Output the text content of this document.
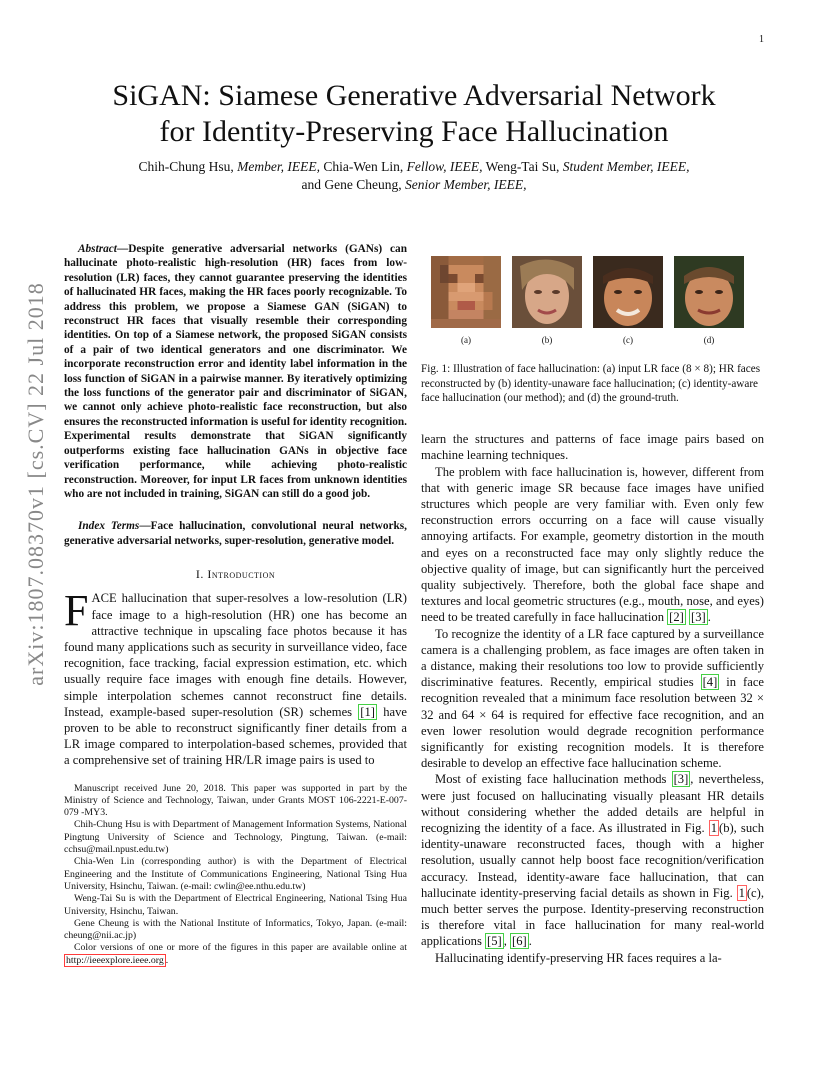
1
SiGAN: Siamese Generative Adversarial Network
for Identity-Preserving Face Hallucination
Chih-Chung Hsu, Member, IEEE, Chia-Wen Lin, Fellow, IEEE, Weng-Tai Su, Student Member, IEEE,
and Gene Cheung, Senior Member, IEEE,
arXiv:1807.08370v1 [cs.CV] 22 Jul 2018

Abstract—Despite generative adversarial networks (GANs) can hallucinate photo-realistic high-resolution (HR) faces from low-resolution (LR) faces, they cannot guarantee preserving the identities of hallucinated HR faces, making the HR faces poorly recognizable. To address this problem, we propose a Siamese GAN (SiGAN) to reconstruct HR faces that visually resemble their corresponding identities. On top of a Siamese network, the proposed SiGAN consists of a pair of two identical generators and one discriminator. We incorporate reconstruction error and identity label information in the loss function of SiGAN in a pairwise manner. By iteratively optimizing the loss functions of the generator pair and discriminator of SiGAN, we cannot only achieve photo-realistic face reconstruction, but also ensures the reconstructed information is useful for identity recognition. Experimental results demonstrate that SiGAN significantly outperforms existing face hallucination GANs in objective face verification performance, while achieving photo-realistic reconstruction. Moreover, for input LR faces from unknown identities who are not included in training, SiGAN can still do a good job.

Index Terms—Face hallucination, convolutional neural networks, generative adversarial networks, super-resolution, generative model.

I. Introduction

FACE hallucination that super-resolves a low-resolution (LR) face image to a high-resolution (HR) one has become an attractive technique in upscaling face photos because it has found many applications such as security in surveillance video, face recognition, face tracking, facial expression estimation, etc. which usually require face images with enough fine details. However, simple interpolation schemes cannot reconstruct fine details. Instead, example-based super-resolution (SR) schemes [1] have proven to be able to reconstruct significantly finer details from a LR image compared to interpolation-based schemes, provided that a comprehensive set of training HR/LR image pairs is used to

Manuscript received June 20, 2018. This paper was supported in part by the Ministry of Science and Technology, Taiwan, under Grants MOST 106-2221-E-007-079 -MY3.

Chih-Chung Hsu is with Department of Management Information Systems, National Pingtung University of Science and Technology, Pingtung, Taiwan. (e-mail: cchsu@mail.npust.edu.tw)

Chia-Wen Lin (corresponding author) is with the Department of Electrical Engineering and the Institute of Communications Engineering, National Tsing Hua University, Hsinchu, Taiwan. (e-mail: cwlin@ee.nthu.edu.tw)

Weng-Tai Su is with the Department of Electrical Engineering, National Tsing Hua University, Hsinchu, Taiwan.

Gene Cheung is with the National Institute of Informatics, Tokyo, Japan. (e-mail: cheung@nii.ac.jp)

Color versions of one or more of the figures in this paper are available online at http://ieeexplore.ieee.org .

(a)	(b)	(c)	(d)

Fig. 1: Illustration of face hallucination: (a) input LR face (8 × 8); HR faces reconstructed by (b) identity-unaware face hallucination; (c) identity-aware face hallucination (our method); and (d) the ground-truth.

learn the structures and patterns of face image pairs based on machine learning techniques.

The problem with face hallucination is, however, different from that with generic image SR because face images have unified structures which people are very familiar with. Even only few reconstruction errors occurring on a face will cause visually annoying artifacts. For example, geometry distortion in the mouth and eyes on a reconstructed face may only slightly reduce the objective quality of image, but can significantly hurt the perceived quality subjectively. Therefore, both the global face shape and textures and local geometric structures (e.g., mouth, nose, and eyes) need to be treated carefully in face hallucination [2] [3] .

To recognize the identity of a LR face captured by a surveillance camera is a challenging problem, as face images are often taken in a distance, making their resolutions too low to provide sufficiently discriminative features. Recently, empirical studies [4] in face recognition revealed that a minimum face resolution between 32 × 32 and 64 × 64 is required for effective face recognition, and an even lower resolution would degrade recognition performance significantly for existing recognition models. It is therefore desirable to develop an effective face hallucination scheme.

Most of existing face hallucination methods [3] , nevertheless, were just focused on hallucinating visually pleasant HR details without considering whether the added details are helpful in recognizing the identity of a face. As illustrated in Fig. 1 (b), such identity-unaware reconstructed faces, though with a higher resolution, usually cannot help boost face recognition/verification accuracy. Instead, identity-aware face hallucination, that can hallucinate identity-preserving facial details as shown in Fig. 1 (c), much better serves the purpose. Identity-preserving reconstruction is therefore vital in face hallucination for many real-world applications [5] , [6] .

Hallucinating identify-preserving HR faces requires a la-
